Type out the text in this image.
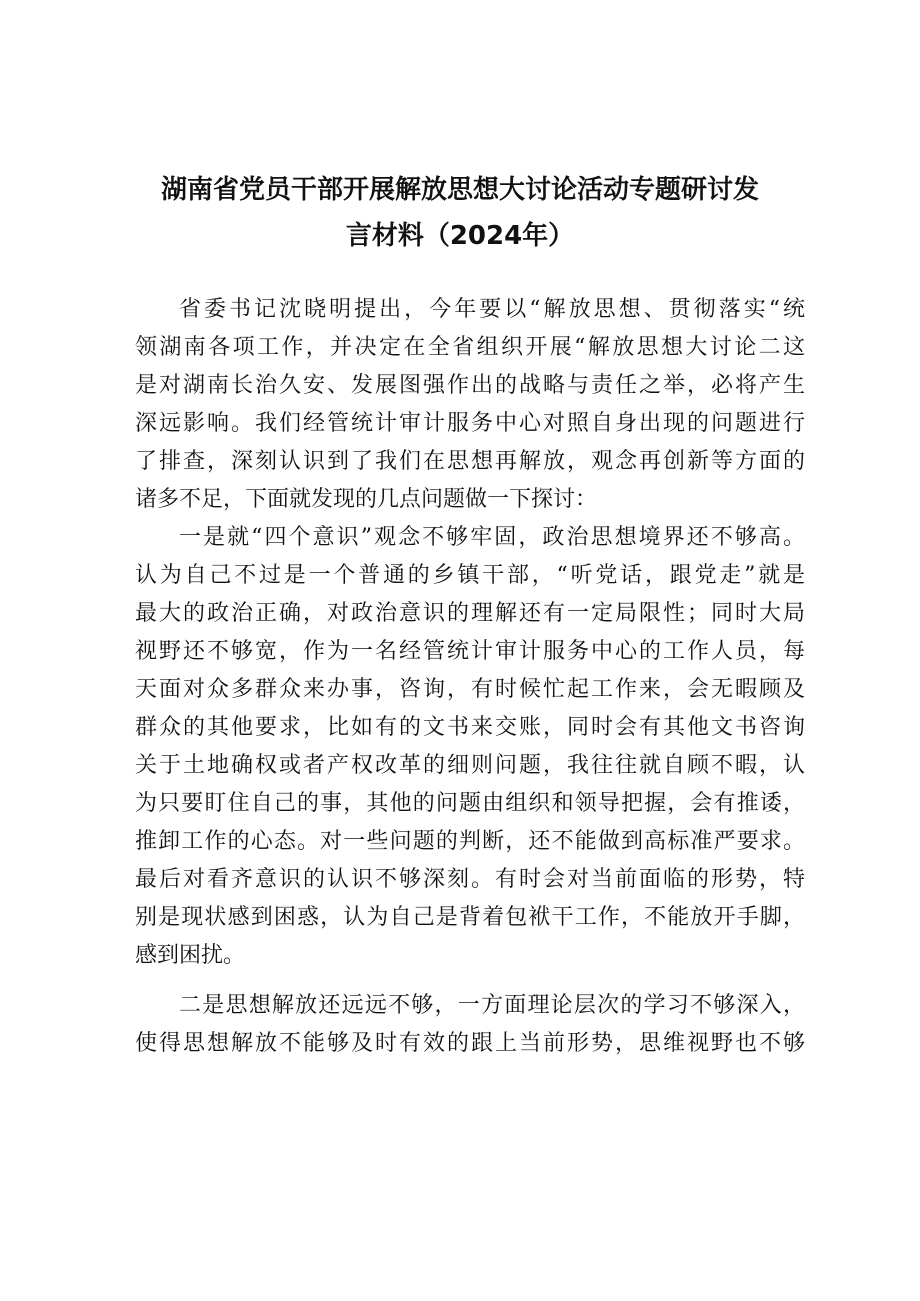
湖南省党员干部开展解放思想大讨论活动专题研讨发
言材料（2024年）
省委书记沈晓明提出，今年要以“解放思想、贯彻落实“统
领湖南各项工作，并决定在全省组织开展“解放思想大讨论二这
是对湖南长治久安、发展图强作出的战略与责任之举，必将产生
深远影响。我们经管统计审计服务中心对照自身出现的问题进行
了排查，深刻认识到了我们在思想再解放，观念再创新等方面的
诸多不足，下面就发现的几点问题做一下探讨：
一是就“四个意识”观念不够牢固，政治思想境界还不够高。
认为自己不过是一个普通的乡镇干部，“听党话，跟党走”就是
最大的政治正确，对政治意识的理解还有一定局限性；同时大局
视野还不够宽，作为一名经管统计审计服务中心的工作人员，每
天面对众多群众来办事，咨询，有时候忙起工作来，会无暇顾及
群众的其他要求，比如有的文书来交账，同时会有其他文书咨询
关于土地确权或者产权改革的细则问题，我往往就自顾不暇，认
为只要盯住自己的事，其他的问题由组织和领导把握，会有推诿，
推卸工作的心态。对一些问题的判断，还不能做到高标准严要求。
最后对看齐意识的认识不够深刻。有时会对当前面临的形势，特
别是现状感到困惑，认为自己是背着包袱干工作，不能放开手脚，
感到困扰。
二是思想解放还远远不够，一方面理论层次的学习不够深入，
使得思想解放不能够及时有效的跟上当前形势，思维视野也不够
